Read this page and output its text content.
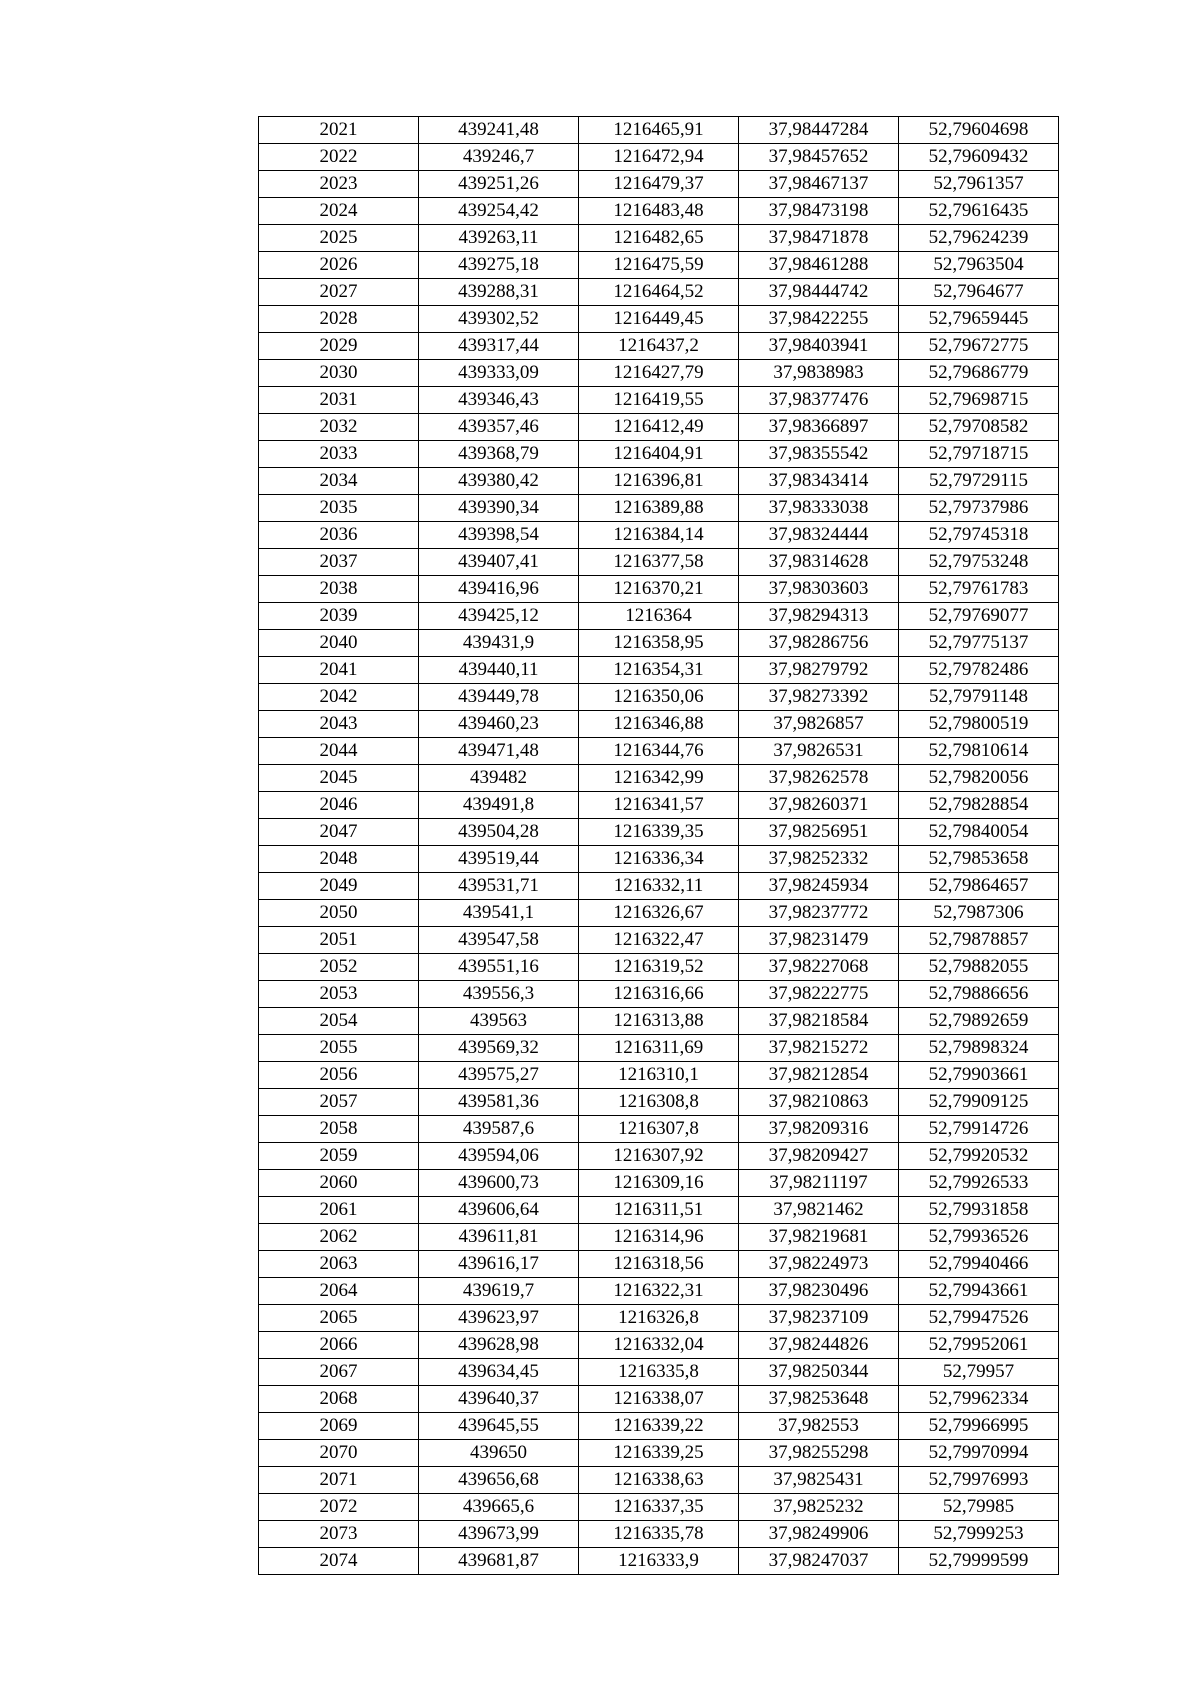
2021	439241,48	1216465,91	37,98447284	52,79604698
2022	439246,7	1216472,94	37,98457652	52,79609432
2023	439251,26	1216479,37	37,98467137	52,7961357
2024	439254,42	1216483,48	37,98473198	52,79616435
2025	439263,11	1216482,65	37,98471878	52,79624239
2026	439275,18	1216475,59	37,98461288	52,7963504
2027	439288,31	1216464,52	37,98444742	52,7964677
2028	439302,52	1216449,45	37,98422255	52,79659445
2029	439317,44	1216437,2	37,98403941	52,79672775
2030	439333,09	1216427,79	37,9838983	52,79686779
2031	439346,43	1216419,55	37,98377476	52,79698715
2032	439357,46	1216412,49	37,98366897	52,79708582
2033	439368,79	1216404,91	37,98355542	52,79718715
2034	439380,42	1216396,81	37,98343414	52,79729115
2035	439390,34	1216389,88	37,98333038	52,79737986
2036	439398,54	1216384,14	37,98324444	52,79745318
2037	439407,41	1216377,58	37,98314628	52,79753248
2038	439416,96	1216370,21	37,98303603	52,79761783
2039	439425,12	1216364	37,98294313	52,79769077
2040	439431,9	1216358,95	37,98286756	52,79775137
2041	439440,11	1216354,31	37,98279792	52,79782486
2042	439449,78	1216350,06	37,98273392	52,79791148
2043	439460,23	1216346,88	37,9826857	52,79800519
2044	439471,48	1216344,76	37,9826531	52,79810614
2045	439482	1216342,99	37,98262578	52,79820056
2046	439491,8	1216341,57	37,98260371	52,79828854
2047	439504,28	1216339,35	37,98256951	52,79840054
2048	439519,44	1216336,34	37,98252332	52,79853658
2049	439531,71	1216332,11	37,98245934	52,79864657
2050	439541,1	1216326,67	37,98237772	52,7987306
2051	439547,58	1216322,47	37,98231479	52,79878857
2052	439551,16	1216319,52	37,98227068	52,79882055
2053	439556,3	1216316,66	37,98222775	52,79886656
2054	439563	1216313,88	37,98218584	52,79892659
2055	439569,32	1216311,69	37,98215272	52,79898324
2056	439575,27	1216310,1	37,98212854	52,79903661
2057	439581,36	1216308,8	37,98210863	52,79909125
2058	439587,6	1216307,8	37,98209316	52,79914726
2059	439594,06	1216307,92	37,98209427	52,79920532
2060	439600,73	1216309,16	37,98211197	52,79926533
2061	439606,64	1216311,51	37,9821462	52,79931858
2062	439611,81	1216314,96	37,98219681	52,79936526
2063	439616,17	1216318,56	37,98224973	52,79940466
2064	439619,7	1216322,31	37,98230496	52,79943661
2065	439623,97	1216326,8	37,98237109	52,79947526
2066	439628,98	1216332,04	37,98244826	52,79952061
2067	439634,45	1216335,8	37,98250344	52,79957
2068	439640,37	1216338,07	37,98253648	52,79962334
2069	439645,55	1216339,22	37,982553	52,79966995
2070	439650	1216339,25	37,98255298	52,79970994
2071	439656,68	1216338,63	37,9825431	52,79976993
2072	439665,6	1216337,35	37,9825232	52,79985
2073	439673,99	1216335,78	37,98249906	52,7999253
2074	439681,87	1216333,9	37,98247037	52,79999599
